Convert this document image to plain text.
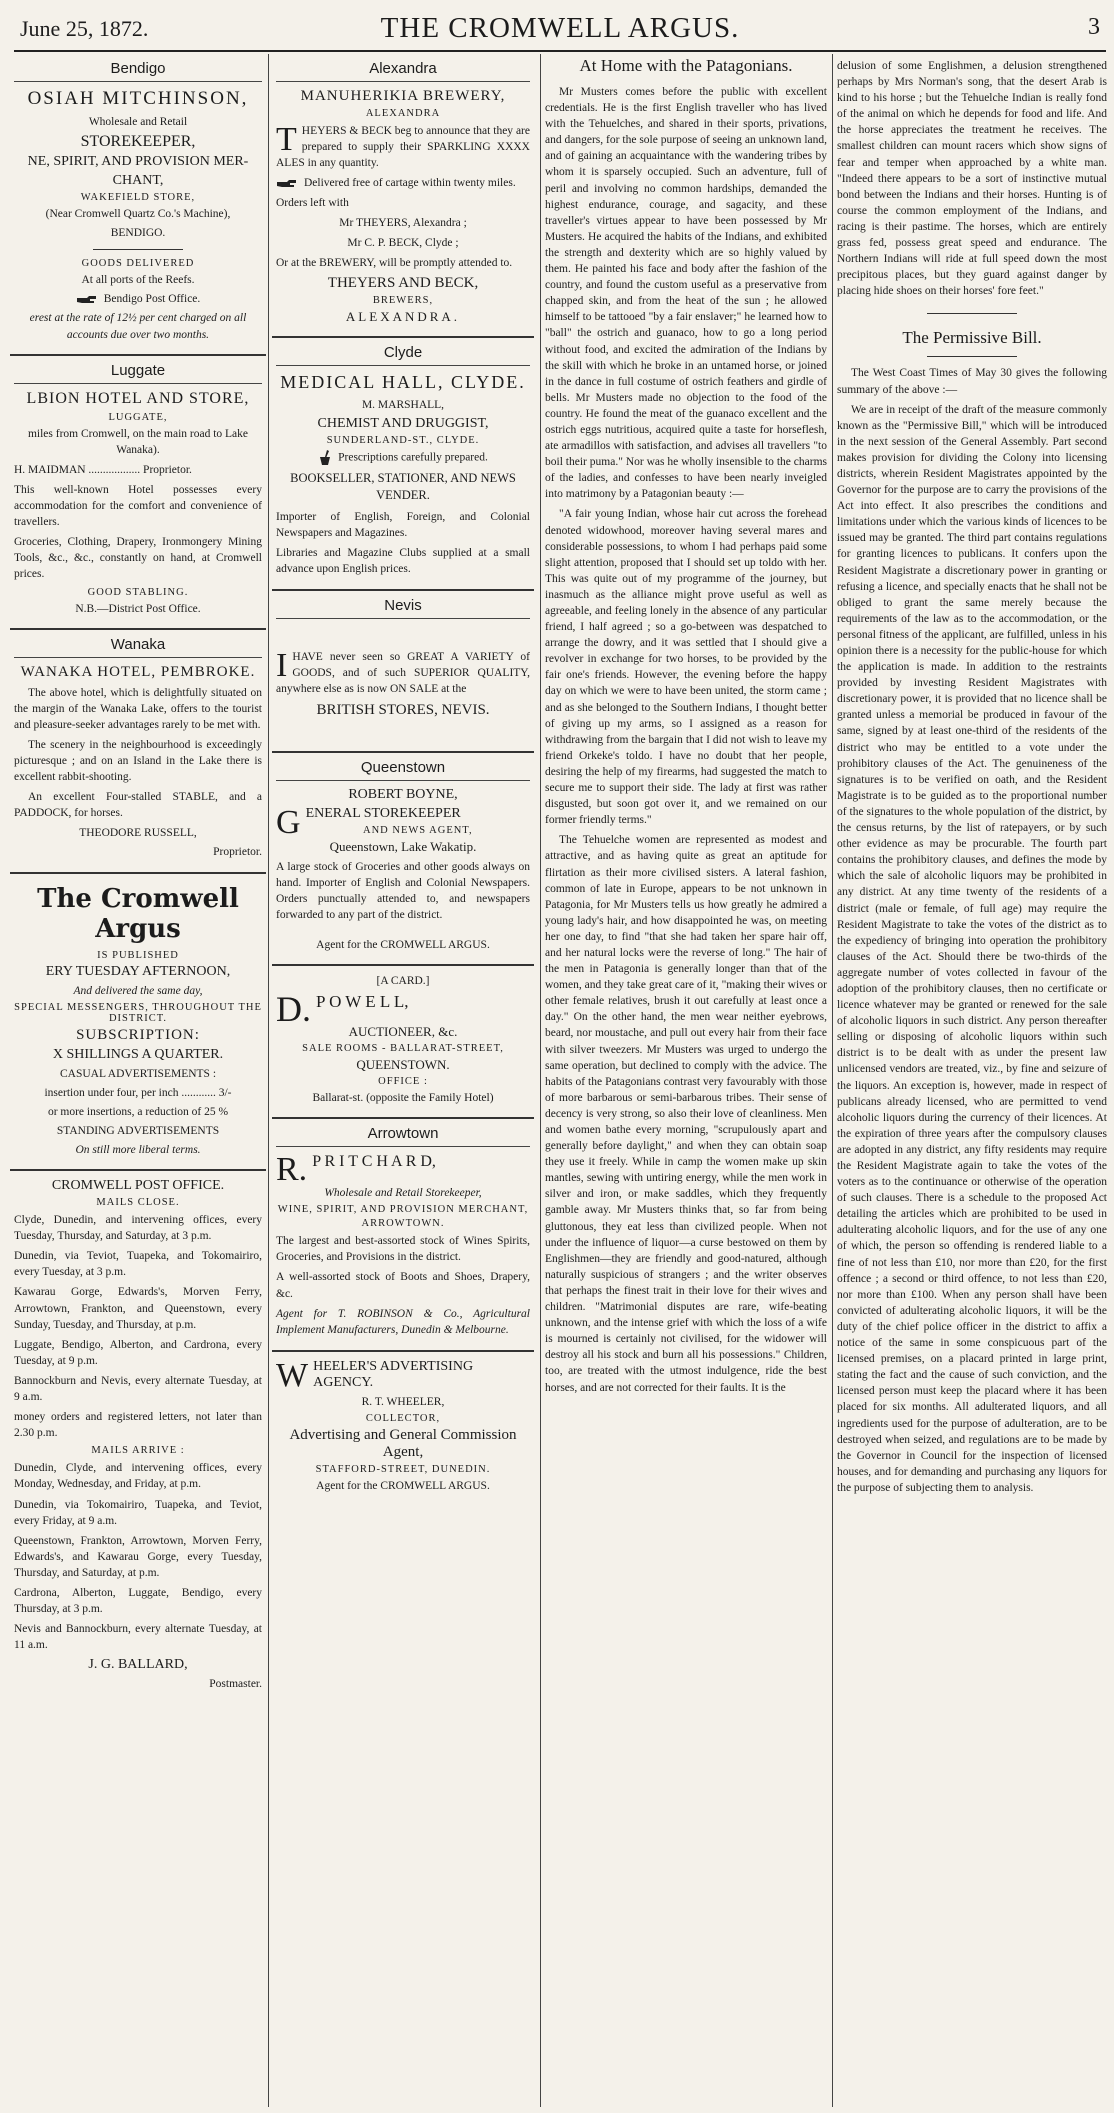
June 25, 1872.	THE CROMWELL ARGUS.	3
Bendigo
OSIAH MITCHINSON,
Wholesale and Retail
STOREKEEPER,
NE, SPIRIT, AND PROVISION MER-
CHANT,
WAKEFIELD STORE,
(Near Cromwell Quartz Co.'s Machine),
BENDIGO.
GOODS DELIVERED
At all ports of the Reefs.
Bendigo Post Office.
erest at the rate of 12½ per cent charged on all accounts due over two months.
Luggate
LBION HOTEL AND STORE,
LUGGATE,
miles from Cromwell, on the main road to Lake Wanaka).
H. MAIDMAN .................. Proprietor.
This well-known Hotel possesses every accommodation for the comfort and convenience of travellers.
Groceries, Clothing, Drapery, Ironmongery Mining Tools, &c., &c., constantly on hand, at Cromwell prices.
GOOD STABLING.
N.B.—District Post Office.
Wanaka
WANAKA HOTEL, PEMBROKE.
The above hotel, which is delightfully situated on the margin of the Wanaka Lake, offers to the tourist and pleasure-seeker advantages rarely to be met with.
The scenery in the neighbourhood is exceedingly picturesque ; and on an Island in the Lake there is excellent rabbit-shooting.
An excellent Four-stalled STABLE, and a PADDOCK, for horses.
THEODORE RUSSELL,
Proprietor.
The Cromwell Argus
IS PUBLISHED
ERY TUESDAY AFTERNOON,
And delivered the same day,
SPECIAL MESSENGERS, THROUGHOUT THE DISTRICT.
SUBSCRIPTION:
X SHILLINGS A QUARTER.
CASUAL ADVERTISEMENTS :
insertion under four, per inch ............ 3/-
or more insertions, a reduction of 25 %
STANDING ADVERTISEMENTS
On still more liberal terms.
CROMWELL POST OFFICE.
MAILS CLOSE.
Clyde, Dunedin, and intervening offices, every Tuesday, Thursday, and Saturday, at 3 p.m.
Dunedin, via Teviot, Tuapeka, and Tokomairiro, every Tuesday, at 3 p.m.
Kawarau Gorge, Edwards's, Morven Ferry, Arrowtown, Frankton, and Queenstown, every Sunday, Tuesday, and Thursday, at p.m.
Luggate, Bendigo, Alberton, and Cardrona, every Tuesday, at 9 p.m.
Bannockburn and Nevis, every alternate Tuesday, at 9 a.m.
money orders and registered letters, not later than 2.30 p.m.
MAILS ARRIVE :
Dunedin, Clyde, and intervening offices, every Monday, Wednesday, and Friday, at p.m.
Dunedin, via Tokomairiro, Tuapeka, and Teviot, every Friday, at 9 a.m.
Queenstown, Frankton, Arrowtown, Morven Ferry, Edwards's, and Kawarau Gorge, every Tuesday, Thursday, and Saturday, at p.m.
Cardrona, Alberton, Luggate, Bendigo, every Thursday, at 3 p.m.
Nevis and Bannockburn, every alternate Tuesday, at 11 a.m.
J. G. BALLARD,
Postmaster.
Alexandra
MANUHERIKIA BREWERY,
ALEXANDRA
THEYERS & BECK beg to announce that they are prepared to supply their SPARKLING XXXX ALES in any quantity.
Delivered free of cartage within twenty miles.
Orders left with
Mr THEYERS, Alexandra ;
Mr C. P. BECK, Clyde ;
Or at the BREWERY, will be promptly attended to.
THEYERS AND BECK,
BREWERS,
ALEXANDRA.
Clyde
MEDICAL HALL, CLYDE.
M. MARSHALL,
CHEMIST AND DRUGGIST,
SUNDERLAND-ST., CLYDE.
Prescriptions carefully prepared.
BOOKSELLER, STATIONER, AND NEWS VENDER.
Importer of English, Foreign, and Colonial Newspapers and Magazines.
Libraries and Magazine Clubs supplied at a small advance upon English prices.
Nevis
IHAVE never seen so GREAT A VARIETY of GOODS, and of such SUPERIOR QUALITY, anywhere else as is now ON SALE at the
BRITISH STORES, NEVIS.
Queenstown
ROBERT BOYNE,
GENERAL STOREKEEPER
AND NEWS AGENT,
Queenstown, Lake Wakatip.
A large stock of Groceries and other goods always on hand. Importer of English and Colonial Newspapers. Orders punctually attended to, and newspapers forwarded to any part of the district.
Agent for the CROMWELL ARGUS.
[A CARD.]
D. P O W E L L,
AUCTIONEER, &c.
SALE ROOMS - BALLARAT-STREET,
QUEENSTOWN.
OFFICE :
Ballarat-st. (opposite the Family Hotel)
Arrowtown
R. P R I T C H A R D,
Wholesale and Retail Storekeeper,
WINE, SPIRIT, AND PROVISION MERCHANT,
ARROWTOWN.
The largest and best-assorted stock of Wines Spirits, Groceries, and Provisions in the district.
A well-assorted stock of Boots and Shoes, Drapery, &c.
Agent for T. ROBINSON & Co., Agricultural Implement Manufacturers, Dunedin & Melbourne.
WHEELER'S ADVERTISING AGENCY.
R. T. WHEELER,
COLLECTOR,
Advertising and General Commission Agent,
STAFFORD-STREET, DUNEDIN.
Agent for the CROMWELL ARGUS.
At Home with the Patagonians.
Mr Musters comes before the public with excellent credentials. He is the first English traveller who has lived with the Tehuelches, and shared in their sports, privations, and dangers, for the sole purpose of seeing an unknown land, and of gaining an acquaintance with the wandering tribes by whom it is sparsely occupied. Such an adventure, full of peril and involving no common hardships, demanded the highest endurance, courage, and sagacity, and these traveller's virtues appear to have been possessed by Mr Musters. He acquired the habits of the Indians, and exhibited the strength and dexterity which are so highly valued by them. He painted his face and body after the fashion of the country, and found the custom useful as a preservative from chapped skin, and from the heat of the sun ; he allowed himself to be tattooed "by a fair enslaver;" he learned how to "ball" the ostrich and guanaco, how to go a long period without food, and excited the admiration of the Indians by the skill with which he broke in an untamed horse, or joined in the dance in full costume of ostrich feathers and girdle of bells. Mr Musters made no objection to the food of the country. He found the meat of the guanaco excellent and the ostrich eggs nutritious, acquired quite a taste for horseflesh, ate armadillos with satisfaction, and advises all travellers "to boil their puma." Nor was he wholly insensible to the charms of the ladies, and confesses to have been nearly inveigled into matrimony by a Patagonian beauty :—
"A fair young Indian, whose hair cut across the forehead denoted widowhood, moreover having several mares and considerable possessions, to whom I had perhaps paid some slight attention, proposed that I should set up toldo with her. This was quite out of my programme of the journey, but inasmuch as the alliance might prove useful as well as agreeable, and feeling lonely in the absence of any particular friend, I half agreed ; so a go-between was despatched to arrange the dowry, and it was settled that I should give a revolver in exchange for two horses, to be provided by the fair one's friends. However, the evening before the happy day on which we were to have been united, the storm came ; and as she belonged to the Southern Indians, I thought better of giving up my arms, so I assigned as a reason for withdrawing from the bargain that I did not wish to leave my friend Orkeke's toldo. I have no doubt that her people, desiring the help of my firearms, had suggested the match to secure me to support their side. The lady at first was rather disgusted, but soon got over it, and we remained on our former friendly terms."
The Tehuelche women are represented as modest and attractive, and as having quite as great an aptitude for flirtation as their more civilised sisters. A lateral fashion, common of late in Europe, appears to be not unknown in Patagonia, for Mr Musters tells us how greatly he admired a young lady's hair, and how disappointed he was, on meeting her one day, to find "that she had taken her spare hair off, and her natural locks were the reverse of long." The hair of the men in Patagonia is generally longer than that of the women, and they take great care of it, "making their wives or other female relatives, brush it out carefully at least once a day." On the other hand, the men wear neither eyebrows, beard, nor moustache, and pull out every hair from their face with silver tweezers. Mr Musters was urged to undergo the same operation, but declined to comply with the advice. The habits of the Patagonians contrast very favourably with those of more barbarous or semi-barbarous tribes. Their sense of decency is very strong, so also their love of cleanliness. Men and women bathe every morning, "scrupulously apart and generally before daylight," and when they can obtain soap they use it freely. While in camp the women make up skin mantles, sewing with untiring energy, while the men work in silver and iron, or make saddles, which they frequently gamble away. Mr Musters thinks that, so far from being gluttonous, they eat less than civilized people. When not under the influence of liquor—a curse bestowed on them by Englishmen—they are friendly and good-natured, although naturally suspicious of strangers ; and the writer observes that perhaps the finest trait in their love for their wives and children. "Matrimonial disputes are rare, wife-beating unknown, and the intense grief with which the loss of a wife is mourned is certainly not civilised, for the widower will destroy all his stock and burn all his possessions." Children, too, are treated with the utmost indulgence, ride the best horses, and are not corrected for their faults. It is the
delusion of some Englishmen, a delusion strengthened perhaps by Mrs Norman's song, that the desert Arab is kind to his horse ; but the Tehuelche Indian is really fond of the animal on which he depends for food and life. And the horse appreciates the treatment he receives. The smallest children can mount racers which show signs of fear and temper when approached by a white man. "Indeed there appears to be a sort of instinctive mutual bond between the Indians and their horses. Hunting is of course the common employment of the Indians, and racing is their pastime. The horses, which are entirely grass fed, possess great speed and endurance. The Northern Indians will ride at full speed down the most precipitous places, but they guard against danger by placing hide shoes on their horses' fore feet."
The Permissive Bill.
The West Coast Times of May 30 gives the following summary of the above :—
We are in receipt of the draft of the measure commonly known as the "Permissive Bill," which will be introduced in the next session of the General Assembly. Part second makes provision for dividing the Colony into licensing districts, wherein Resident Magistrates appointed by the Governor for the purpose are to carry the provisions of the Act into effect. It also prescribes the conditions and limitations under which the various kinds of licences to be issued may be granted. The third part contains regulations for granting licences to publicans. It confers upon the Resident Magistrate a discretionary power in granting or refusing a licence, and specially enacts that he shall not be obliged to grant the same merely because the requirements of the law as to the accommodation, or the personal fitness of the applicant, are fulfilled, unless in his opinion there is a necessity for the public-house for which the application is made. In addition to the restraints provided by investing Resident Magistrates with discretionary power, it is provided that no licence shall be granted unless a memorial be produced in favour of the same, signed by at least one-third of the residents of the district who may be entitled to a vote under the prohibitory clauses of the Act. The genuineness of the signatures is to be verified on oath, and the Resident Magistrate is to be guided as to the proportional number of the signatures to the whole population of the district, by the census returns, by the list of ratepayers, or by such other evidence as may be procurable. The fourth part contains the prohibitory clauses, and defines the mode by which the sale of alcoholic liquors may be prohibited in any district. At any time twenty of the residents of a district (male or female, of full age) may require the Resident Magistrate to take the votes of the district as to the expediency of bringing into operation the prohibitory clauses of the Act. Should there be two-thirds of the aggregate number of votes collected in favour of the adoption of the prohibitory clauses, then no certificate or licence whatever may be granted or renewed for the sale of alcoholic liquors in such district. Any person thereafter selling or disposing of alcoholic liquors within such district is to be dealt with as under the present law unlicensed vendors are treated, viz., by fine and seizure of the liquors. An exception is, however, made in respect of publicans already licensed, who are permitted to vend alcoholic liquors during the currency of their licences. At the expiration of three years after the compulsory clauses are adopted in any district, any fifty residents may require the Resident Magistrate again to take the votes of the voters as to the continuance or otherwise of the operation of such clauses. There is a schedule to the proposed Act detailing the articles which are prohibited to be used in adulterating alcoholic liquors, and for the use of any one of which, the person so offending is rendered liable to a fine of not less than £10, nor more than £20, for the first offence ; a second or third offence, to not less than £20, nor more than £100. When any person shall have been convicted of adulterating alcoholic liquors, it will be the duty of the chief police officer in the district to affix a notice of the same in some conspicuous part of the licensed premises, on a placard printed in large print, stating the fact and the cause of such conviction, and the licensed person must keep the placard where it has been placed for six months. All adulterated liquors, and all ingredients used for the purpose of adulteration, are to be destroyed when seized, and regulations are to be made by the Governor in Council for the inspection of licensed houses, and for demanding and purchasing any liquors for the purpose of subjecting them to analysis.
